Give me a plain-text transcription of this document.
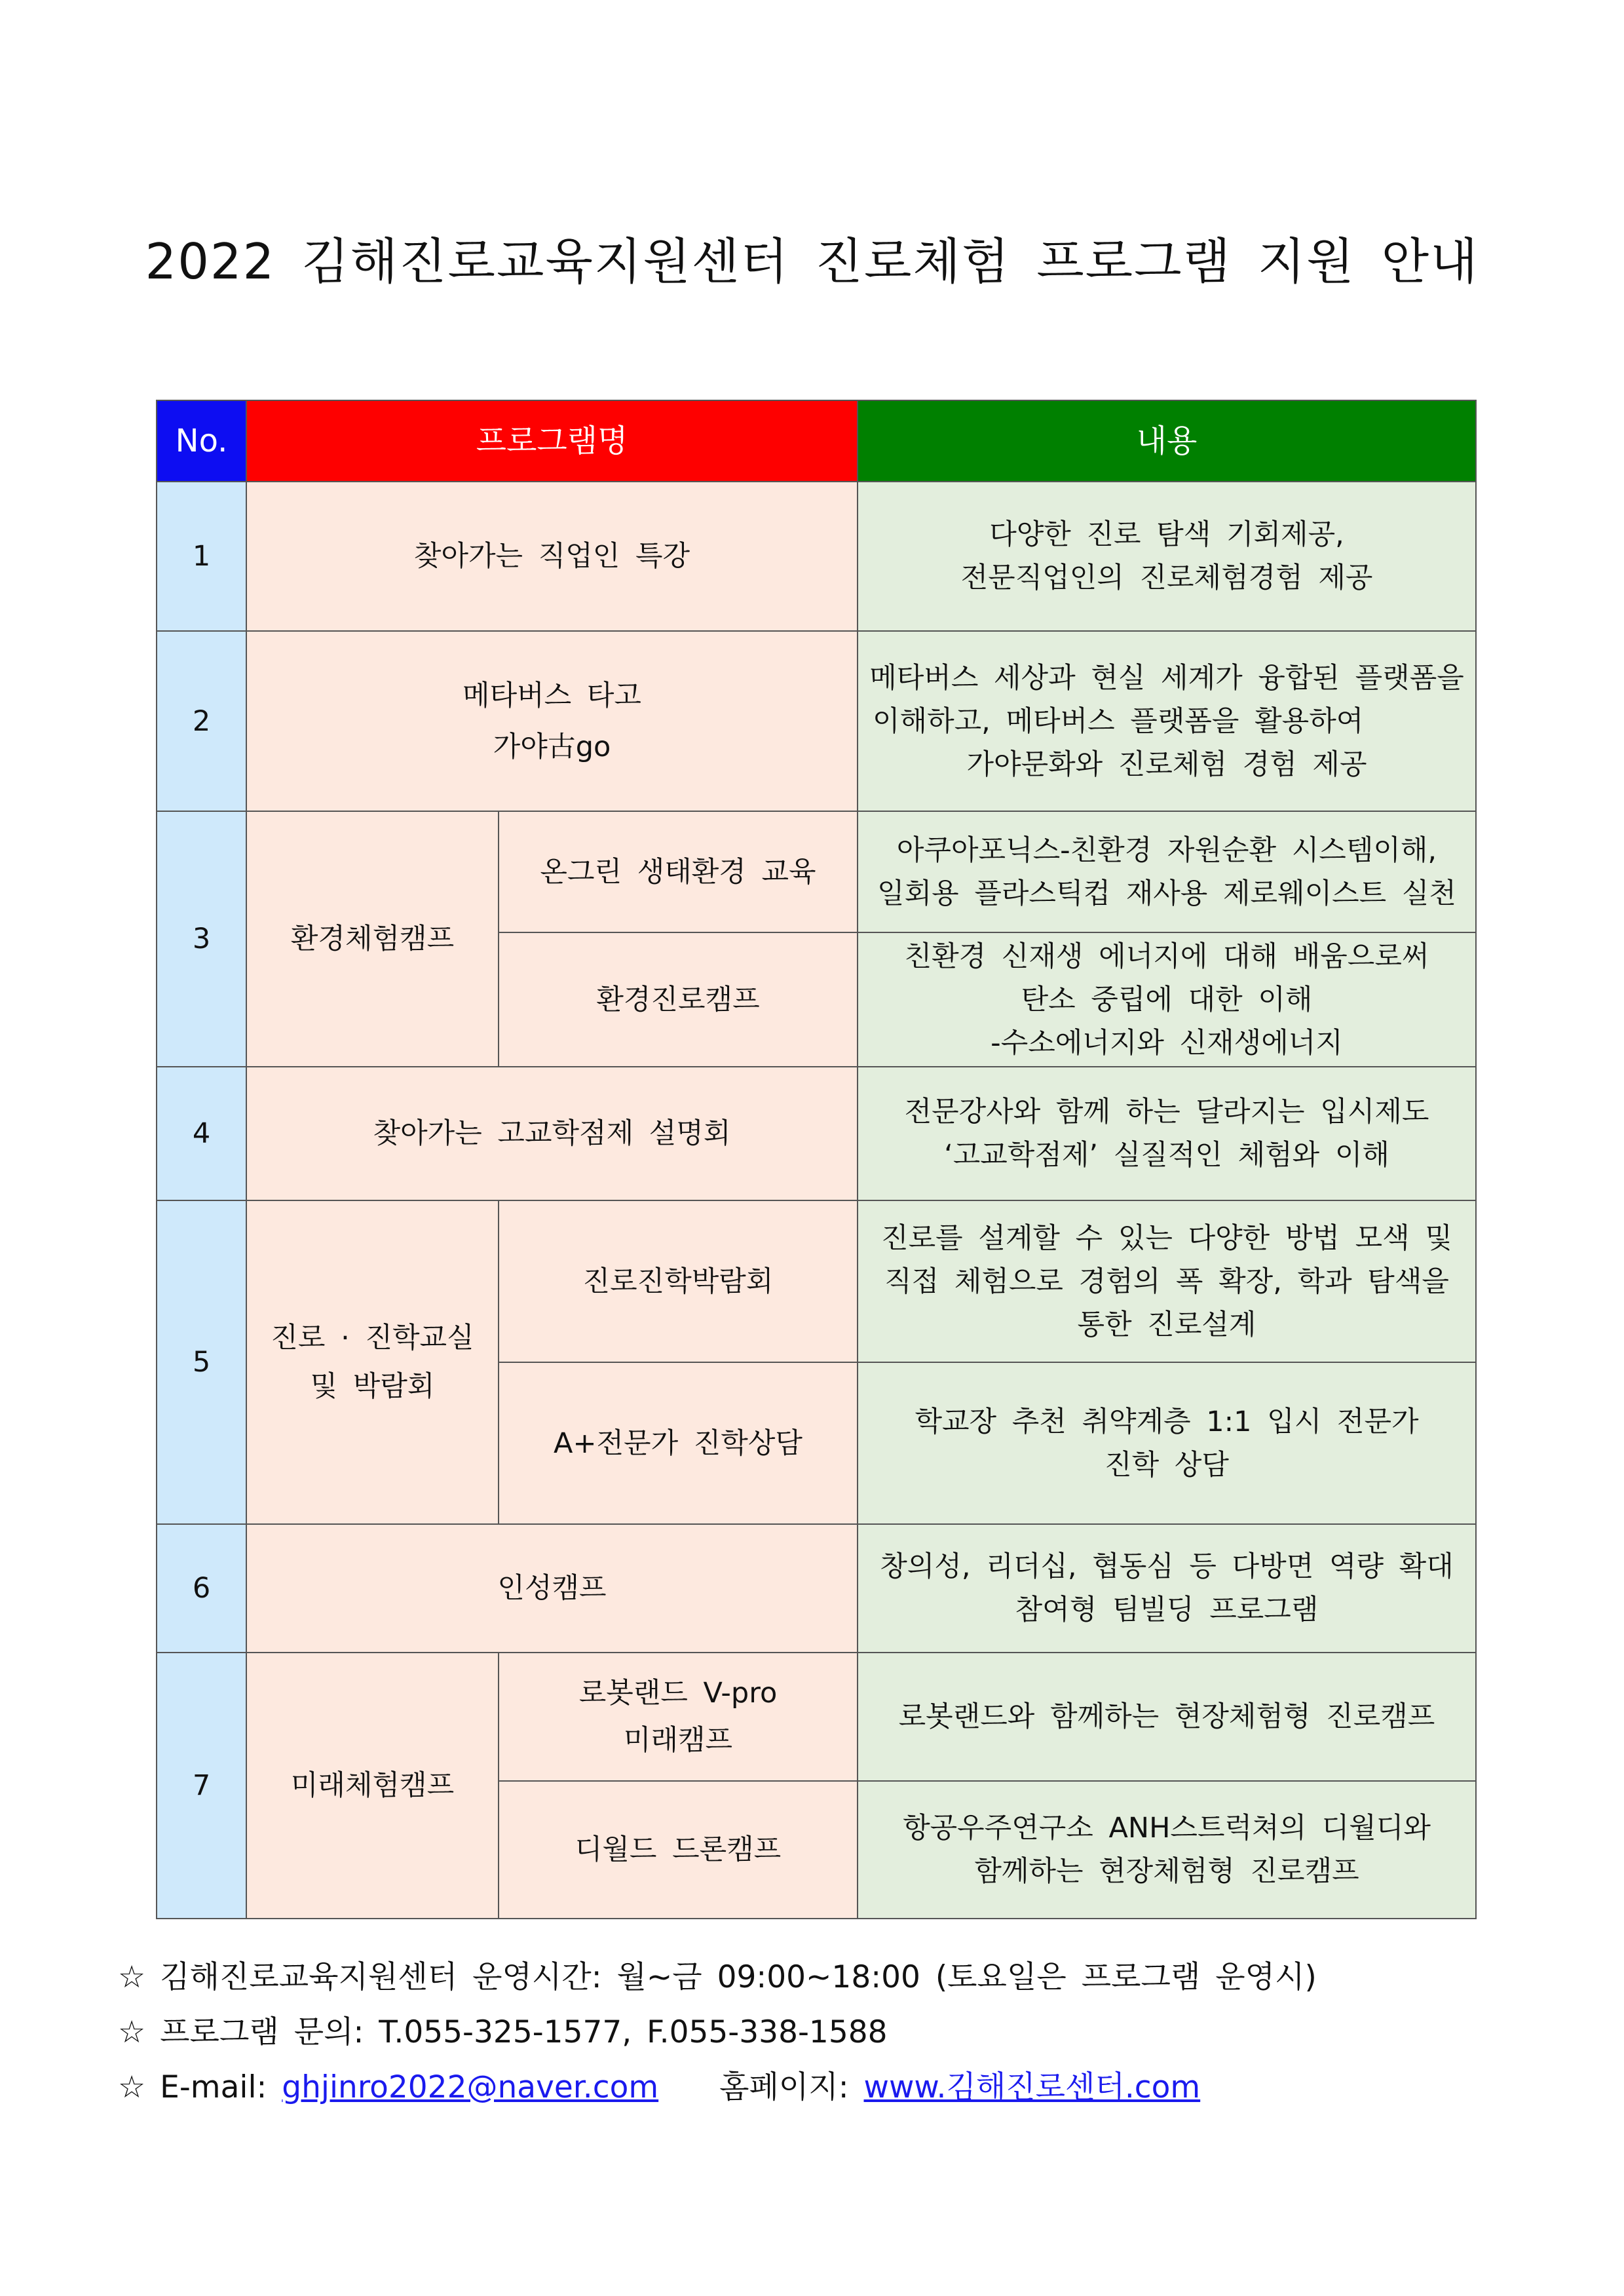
2022 김해진로교육지원센터 진로체험 프로그램 지원 안내
No.	프로그램명		내용
1	찾아가는 직업인 특강		다양한 진로 탐색 기회제공,
전문직업인의 진로체험경험 제공

2	메타버스 타고
가야古go		메타버스 세상과 현실 세계가 융합된 플랫폼을
이해하고, 메타버스 플랫폼을 활용하여
가야문화와 진로체험 경험 제공

3	환경체험캠프	온그린 생태환경 교육	아쿠아포닉스-친환경 자원순환 시스템이해,
일회용 플라스틱컵 재사용 제로웨이스트 실천

		환경진로캠프	친환경 신재생 에너지에 대해 배움으로써
탄소 중립에 대한 이해
-수소에너지와 신재생에너지

4	찾아가는 고교학점제 설명회		전문강사와 함께 하는 달라지는 입시제도
‘고교학점제’ 실질적인 체험와 이해

5	진로 · 진학교실
및 박람회	진로진학박람회	진로를 설계할 수 있는 다양한 방법 모색 및
직접 체험으로 경험의 폭 확장, 학과 탐색을
통한 진로설계

		A+전문가 진학상담	학교장 추천 취약계층 1:1 입시 전문가
진학 상담

6	인성캠프		창의성, 리더십, 협동심 등 다방면 역량 확대
참여형 팀빌딩 프로그램

7	미래체험캠프	로봇랜드 V-pro
미래캠프	로봇랜드와 함께하는 현장체험형 진로캠프

		디월드 드론캠프	항공우주연구소 ANH스트럭쳐의 디월디와
함께하는 현장체험형 진로캠프
☆ 김해진로교육지원센터 운영시간: 월~금 09:00~18:00 (토요일은 프로그램 운영시)
☆ 프로그램 문의: T.055-325-1577, F.055-338-1588
☆ E-mail: ghjinro2022@naver.com 홈페이지: www.김해진로센터.com
